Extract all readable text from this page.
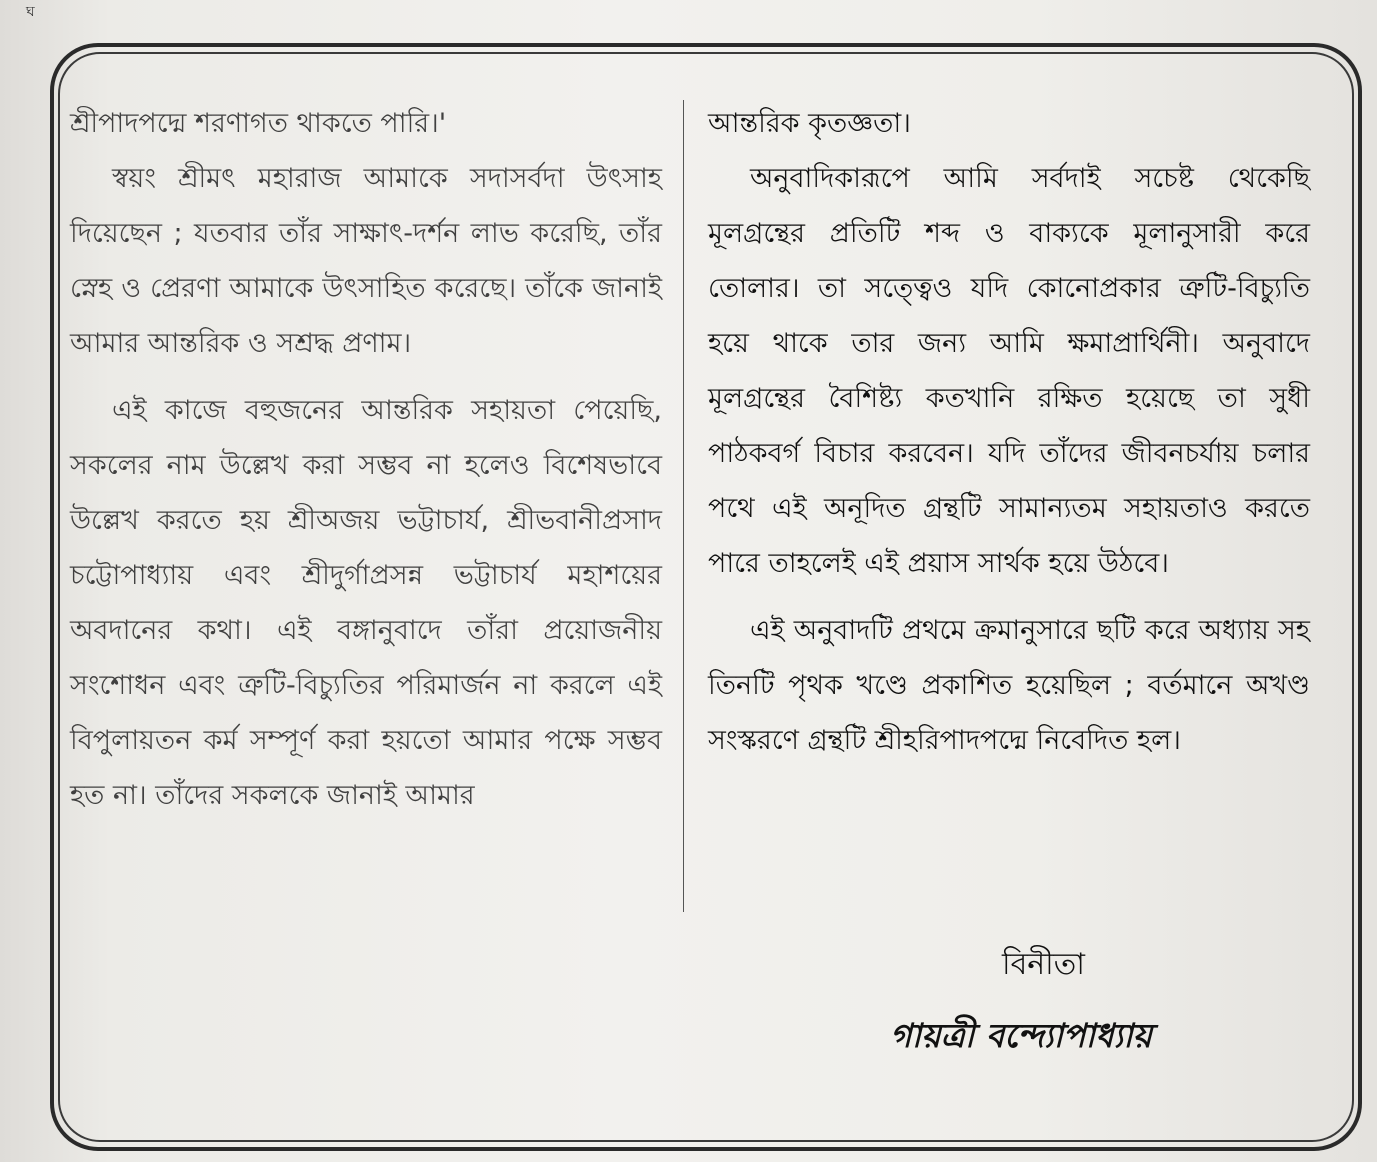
ঘ

শ্রীপাদপদ্মে শরণাগত থাকতে পারি।'

স্বয়ং শ্রীমৎ মহারাজ আমাকে সদাসর্বদা উৎসাহ দিয়েছেন ; যতবার তাঁর সাক্ষাৎ-দর্শন লাভ করেছি, তাঁর স্নেহ ও প্রেরণা আমাকে উৎসাহিত করেছে। তাঁকে জানাই আমার আন্তরিক ও সশ্রদ্ধ প্রণাম।

এই কাজে বহুজনের আন্তরিক সহায়তা পেয়েছি, সকলের নাম উল্লেখ করা সম্ভব না হলেও বিশেষভাবে উল্লেখ করতে হয় শ্রীঅজয় ভট্টাচার্য, শ্রীভবানীপ্রসাদ চট্টোপাধ্যায় এবং শ্রীদুর্গাপ্রসন্ন ভট্টাচার্য মহাশয়ের অবদানের কথা। এই বঙ্গানুবাদে তাঁরা প্রয়োজনীয় সংশোধন এবং ত্রুটি-বিচ্যুতির পরিমার্জন না করলে এই বিপুলায়তন কর্ম সম্পূর্ণ করা হয়তো আমার পক্ষে সম্ভব হত না। তাঁদের সকলকে জানাই আমার

আন্তরিক কৃতজ্ঞতা।

অনুবাদিকারূপে আমি সর্বদাই সচেষ্ট থেকেছি মূলগ্রন্থের প্রতিটি শব্দ ও বাক্যকে মূলানুসারী করে তোলার। তা সত্ত্বেও যদি কোনোপ্রকার ত্রুটি-বিচ্যুতি হয়ে থাকে তার জন্য আমি ক্ষমাপ্রার্থিনী। অনুবাদে মূলগ্রন্থের বৈশিষ্ট্য কতখানি রক্ষিত হয়েছে তা সুধী পাঠকবর্গ বিচার করবেন। যদি তাঁদের জীবনচর্যায় চলার পথে এই অনূদিত গ্রন্থটি সামান্যতম সহায়তাও করতে পারে তাহলেই এই প্রয়াস সার্থক হয়ে উঠবে।

এই অনুবাদটি প্রথমে ক্রমানুসারে ছটি করে অধ্যায় সহ তিনটি পৃথক খণ্ডে প্রকাশিত হয়েছিল ; বর্তমানে অখণ্ড সংস্করণে গ্রন্থটি শ্রীহরিপাদপদ্মে নিবেদিত হল।

বিনীতা
গায়ত্রী বন্দ্যোপাধ্যায়
